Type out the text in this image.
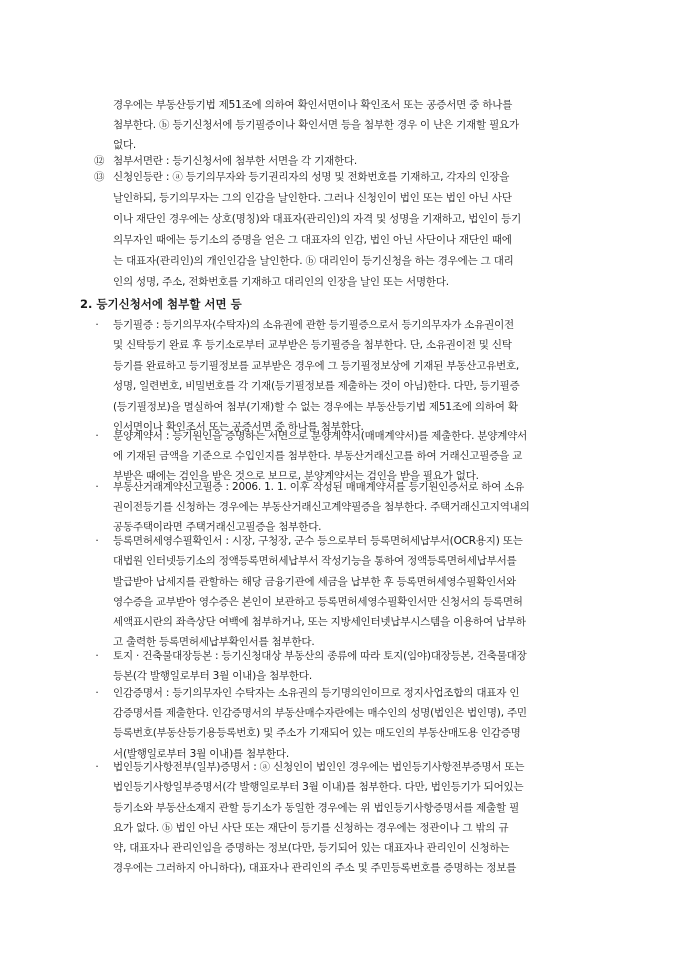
경우에는 부동산등기법 제51조에 의하여 확인서면이나 확인조서 또는 공증서면 중 하나를
첨부한다. ⓑ 등기신청서에 등기필증이나 확인서면 등을 첨부한 경우 이 난은 기재할 필요가
없다.
⑫ 첨부서면란 : 등기신청서에 첨부한 서면을 각 기재한다.
⑬ 신청인등란 : ⓐ 등기의무자와 등기권리자의 성명 및 전화번호를 기재하고, 각자의 인장을
날인하되, 등기의무자는 그의 인감을 날인한다. 그러나 신청인이 법인 또는 법인 아닌 사단
이나 재단인 경우에는 상호(명칭)와 대표자(관리인)의 자격 및 성명을 기재하고, 법인이 등기
의무자인 때에는 등기소의 증명을 얻은 그 대표자의 인감, 법인 아닌 사단이나 재단인 때에
는 대표자(관리인)의 개인인감을 날인한다. ⓑ 대리인이 등기신청을 하는 경우에는 그 대리
인의 성명, 주소, 전화번호를 기재하고 대리인의 인장을 날인 또는 서명한다.
2. 등기신청서에 첨부할 서면 등
·	등기필증 : 등기의무자(수탁자)의 소유권에 관한 등기필증으로서 등기의무자가 소유권이전
및 신탁등기 완료 후 등기소로부터 교부받은 등기필증을 첨부한다. 단, 소유권이전 및 신탁
등기를 완료하고 등기필정보를 교부받은 경우에 그 등기필정보상에 기재된 부동산고유번호,
성명, 일련번호, 비밀번호를 각 기재(등기필정보를 제출하는 것이 아님)한다. 다만, 등기필증
(등기필정보)을 멸실하여 첨부(기재)할 수 없는 경우에는 부동산등기법 제51조에 의하여 확
인서면이나 확인조서 또는 공증서면 중 하나를 첨부한다.
·	분양계약서 : 등기원인을 증명하는 서면으로 분양계약서(매매계약서)를 제출한다. 분양계약서
에 기재된 금액을 기준으로 수입인지를 첨부한다. 부동산거래신고를 하여 거래신고필증을 교
부받은 때에는 검인을 받은 것으로 보므로, 분양계약서는 검인을 받을 필요가 없다.
·	부동산거래계약신고필증 : 2006. 1. 1. 이후 작성된 매매계약서를 등기원인증서로 하여 소유
권이전등기를 신청하는 경우에는 부동산거래신고계약필증을 첨부한다. 주택거래신고지역내의
공동주택이라면 주택거래신고필증을 첨부한다.
·	등록면허세영수필확인서 : 시장, 구청장, 군수 등으로부터 등록면허세납부서(OCR용지) 또는
대법원 인터넷등기소의 정액등록면허세납부서 작성기능을 통하여 정액등록면허세납부서를
발급받아 납세지를 관할하는 해당 금융기관에 세금을 납부한 후 등록면허세영수필확인서와
영수증을 교부받아 영수증은 본인이 보관하고 등록면허세영수필확인서만 신청서의 등록면허
세액표시란의 좌측상단 여백에 첨부하거나, 또는 지방세인터넷납부시스템을 이용하여 납부하
고 출력한 등록면허세납부확인서를 첨부한다.
·	토지 · 건축물대장등본 : 등기신청대상 부동산의 종류에 따라 토지(임야)대장등본, 건축물대장
등본(각 발행일로부터 3월 이내)을 첨부한다.
·	인감증명서 : 등기의무자인 수탁자는 소유권의 등기명의인이므로 정지사업조합의 대표자 인
감증명서를 제출한다. 인감증명서의 부동산매수자란에는 매수인의 성명(법인은 법인명), 주민
등록번호(부동산등기용등록번호) 및 주소가 기재되어 있는 매도인의 부동산매도용 인감증명
서(발행일로부터 3월 이내)를 첨부한다.
·	법인등기사항전부(일부)증명서 : ⓐ 신청인이 법인인 경우에는 법인등기사항전부증명서 또는
법인등기사항일부증명서(각 발행일로부터 3월 이내)를 첨부한다. 다만, 법인등기가 되어있는
등기소와 부동산소재지 관할 등기소가 동일한 경우에는 위 법인등기사항증명서를 제출할 필
요가 없다. ⓑ 법인 아닌 사단 또는 재단이 등기를 신청하는 경우에는 정관이나 그 밖의 규
약, 대표자나 관리인임을 증명하는 정보(다만, 등기되어 있는 대표자나 관리인이 신청하는
경우에는 그러하지 아니하다), 대표자나 관리인의 주소 및 주민등록번호를 증명하는 정보를
